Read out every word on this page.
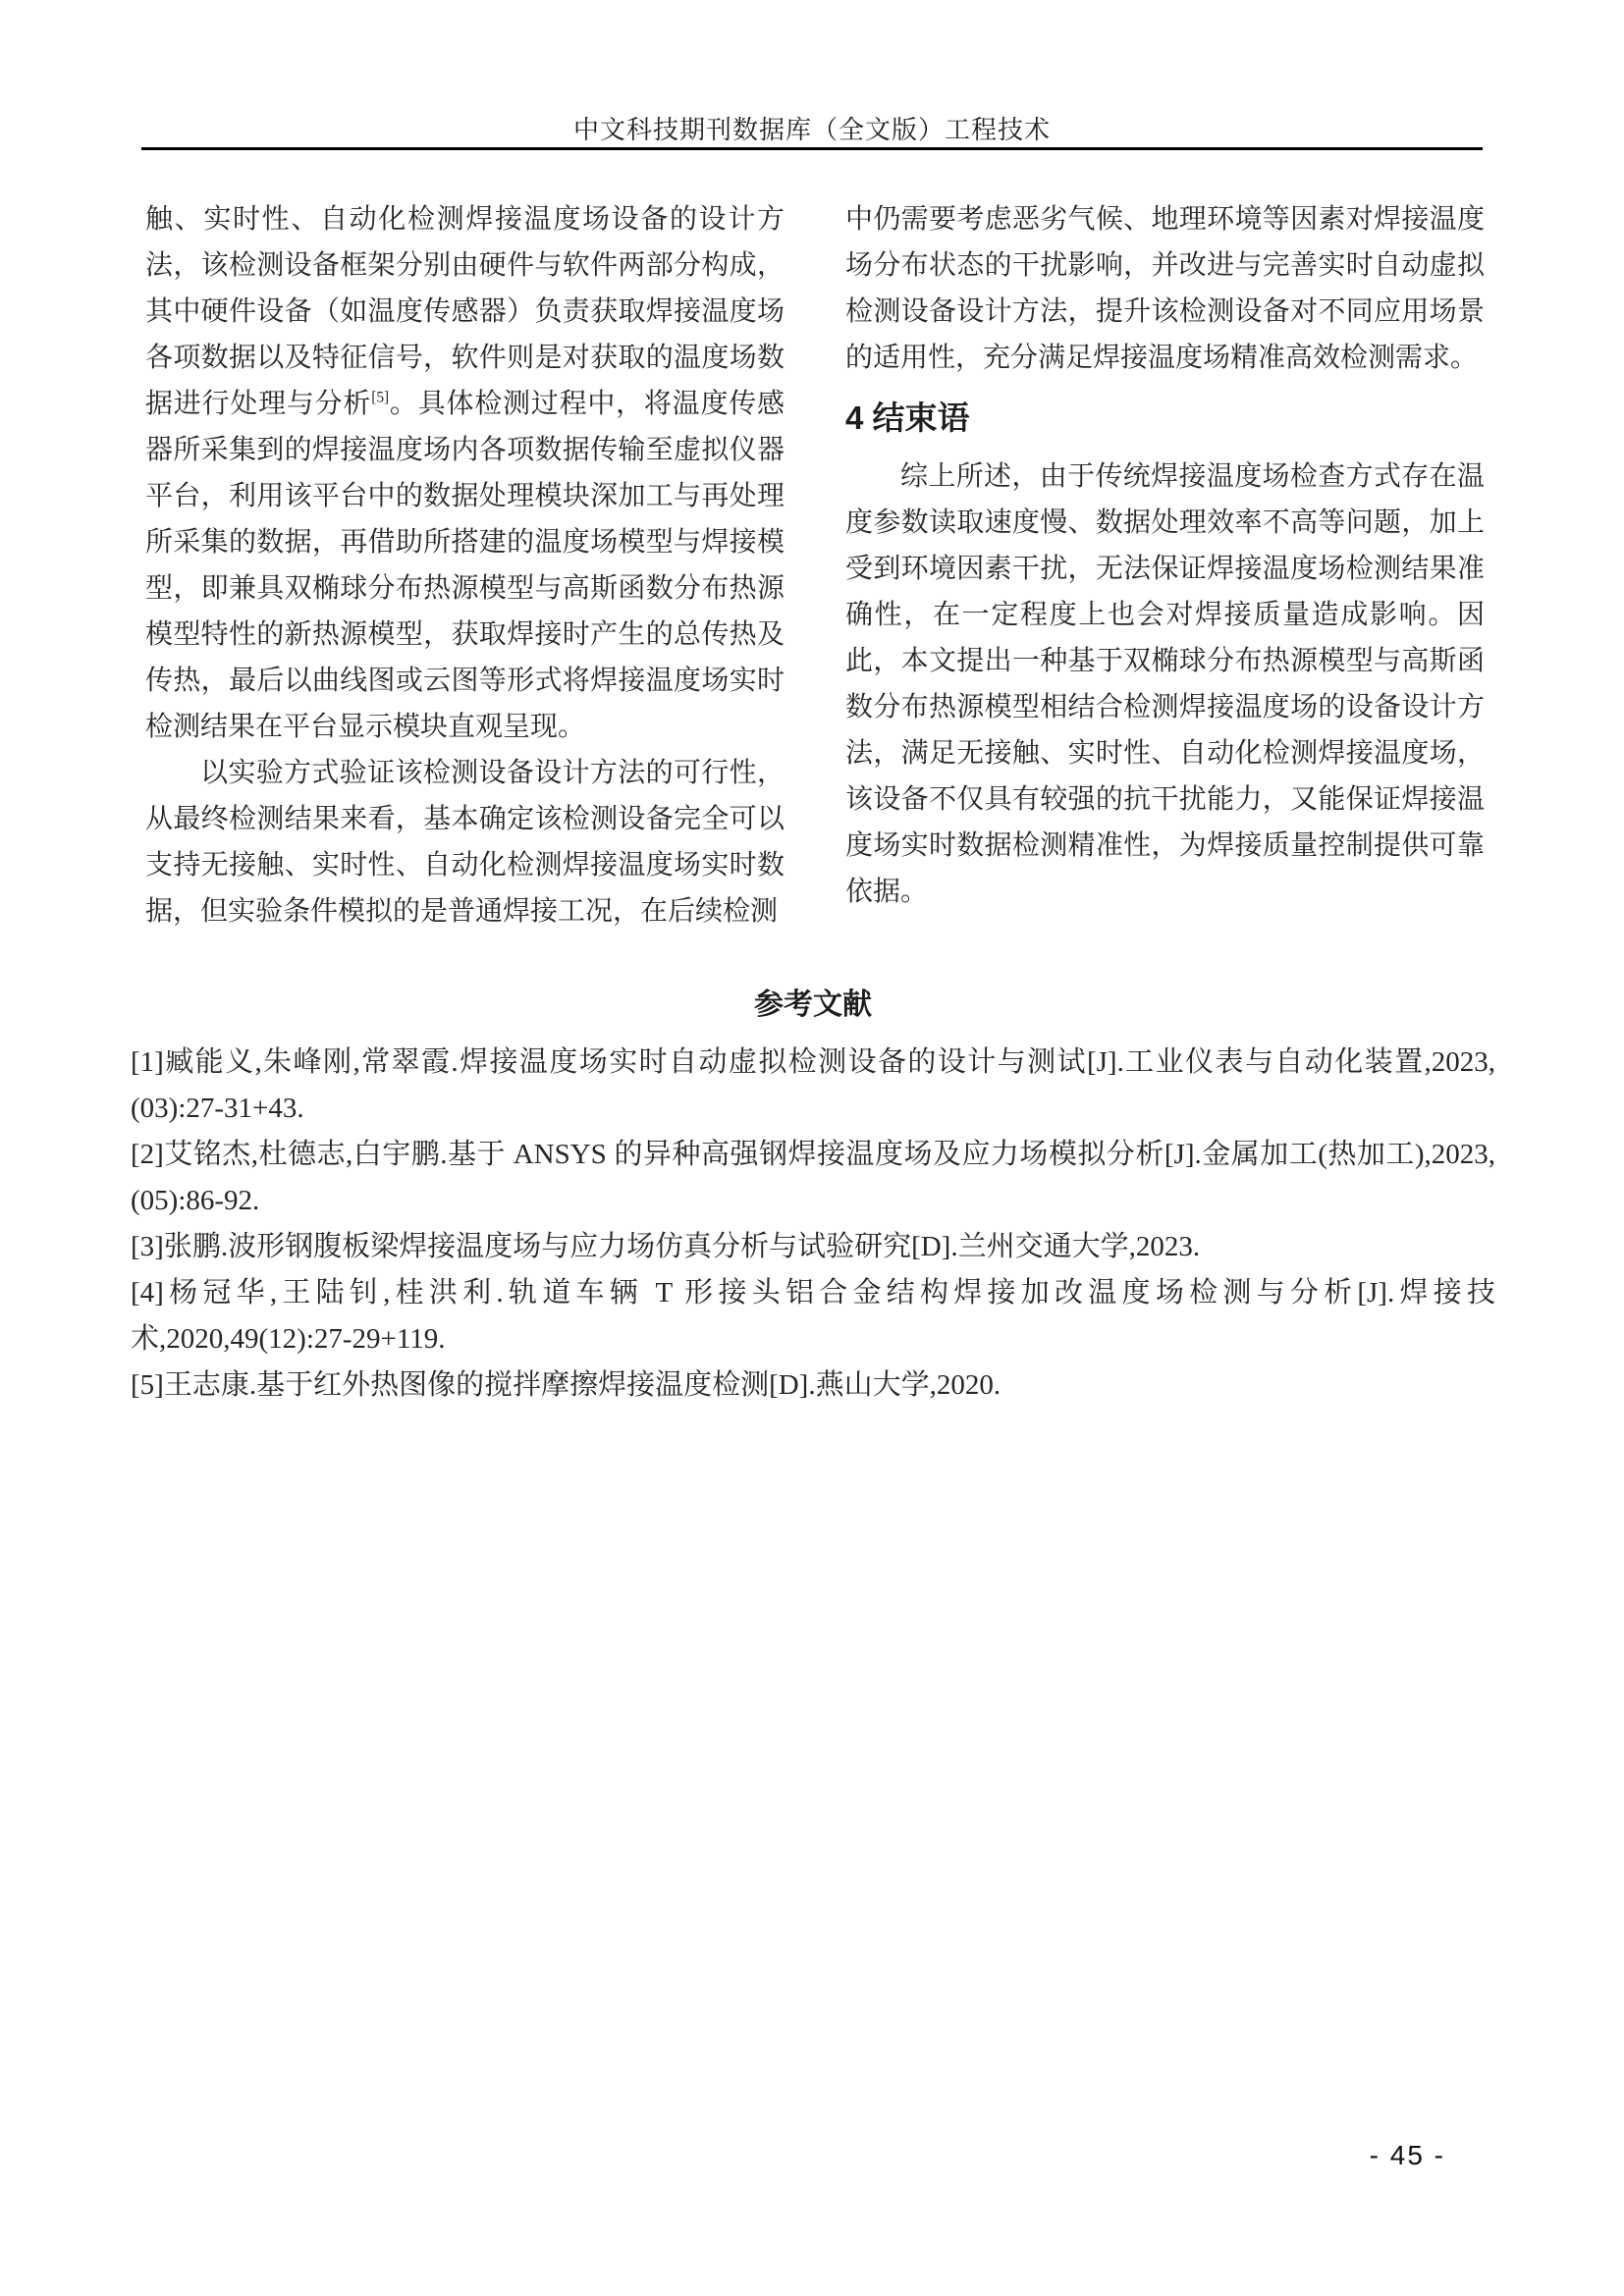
中文科技期刊数据库（全文版）工程技术

触、实时性、自动化检测焊接温度场设备的设计方法，该检测设备框架分别由硬件与软件两部分构成，其中硬件设备（如温度传感器）负责获取焊接温度场各项数据以及特征信号，软件则是对获取的温度场数据进行处理与分析[5]。具体检测过程中，将温度传感器所采集到的焊接温度场内各项数据传输至虚拟仪器平台，利用该平台中的数据处理模块深加工与再处理所采集的数据，再借助所搭建的温度场模型与焊接模型，即兼具双椭球分布热源模型与高斯函数分布热源模型特性的新热源模型，获取焊接时产生的总传热及传热，最后以曲线图或云图等形式将焊接温度场实时检测结果在平台显示模块直观呈现。

以实验方式验证该检测设备设计方法的可行性，从最终检测结果来看，基本确定该检测设备完全可以支持无接触、实时性、自动化检测焊接温度场实时数据，但实验条件模拟的是普通焊接工况，在后续检测

中仍需要考虑恶劣气候、地理环境等因素对焊接温度场分布状态的干扰影响，并改进与完善实时自动虚拟检测设备设计方法，提升该检测设备对不同应用场景的适用性，充分满足焊接温度场精准高效检测需求。

4 结束语

综上所述，由于传统焊接温度场检查方式存在温度参数读取速度慢、数据处理效率不高等问题，加上受到环境因素干扰，无法保证焊接温度场检测结果准确性，在一定程度上也会对焊接质量造成影响。因此，本文提出一种基于双椭球分布热源模型与高斯函数分布热源模型相结合检测焊接温度场的设备设计方法，满足无接触、实时性、自动化检测焊接温度场，该设备不仅具有较强的抗干扰能力，又能保证焊接温度场实时数据检测精准性，为焊接质量控制提供可靠依据。

参考文献
[1]臧能义,朱峰刚,常翠霞.焊接温度场实时自动虚拟检测设备的设计与测试[J].工业仪表与自动化装置,2023,(03):27-31+43.
[2]艾铭杰,杜德志,白宇鹏.基于 ANSYS 的异种高强钢焊接温度场及应力场模拟分析[J].金属加工(热加工),2023,(05):86-92.
[3]张鹏.波形钢腹板梁焊接温度场与应力场仿真分析与试验研究[D].兰州交通大学,2023.
[4]杨冠华,王陆钊,桂洪利.轨道车辆 T 形接头铝合金结构焊接加改温度场检测与分析[J].焊接技术,2020,49(12):27-29+119.
[5]王志康.基于红外热图像的搅拌摩擦焊接温度检测[D].燕山大学,2020.
- 45 -
